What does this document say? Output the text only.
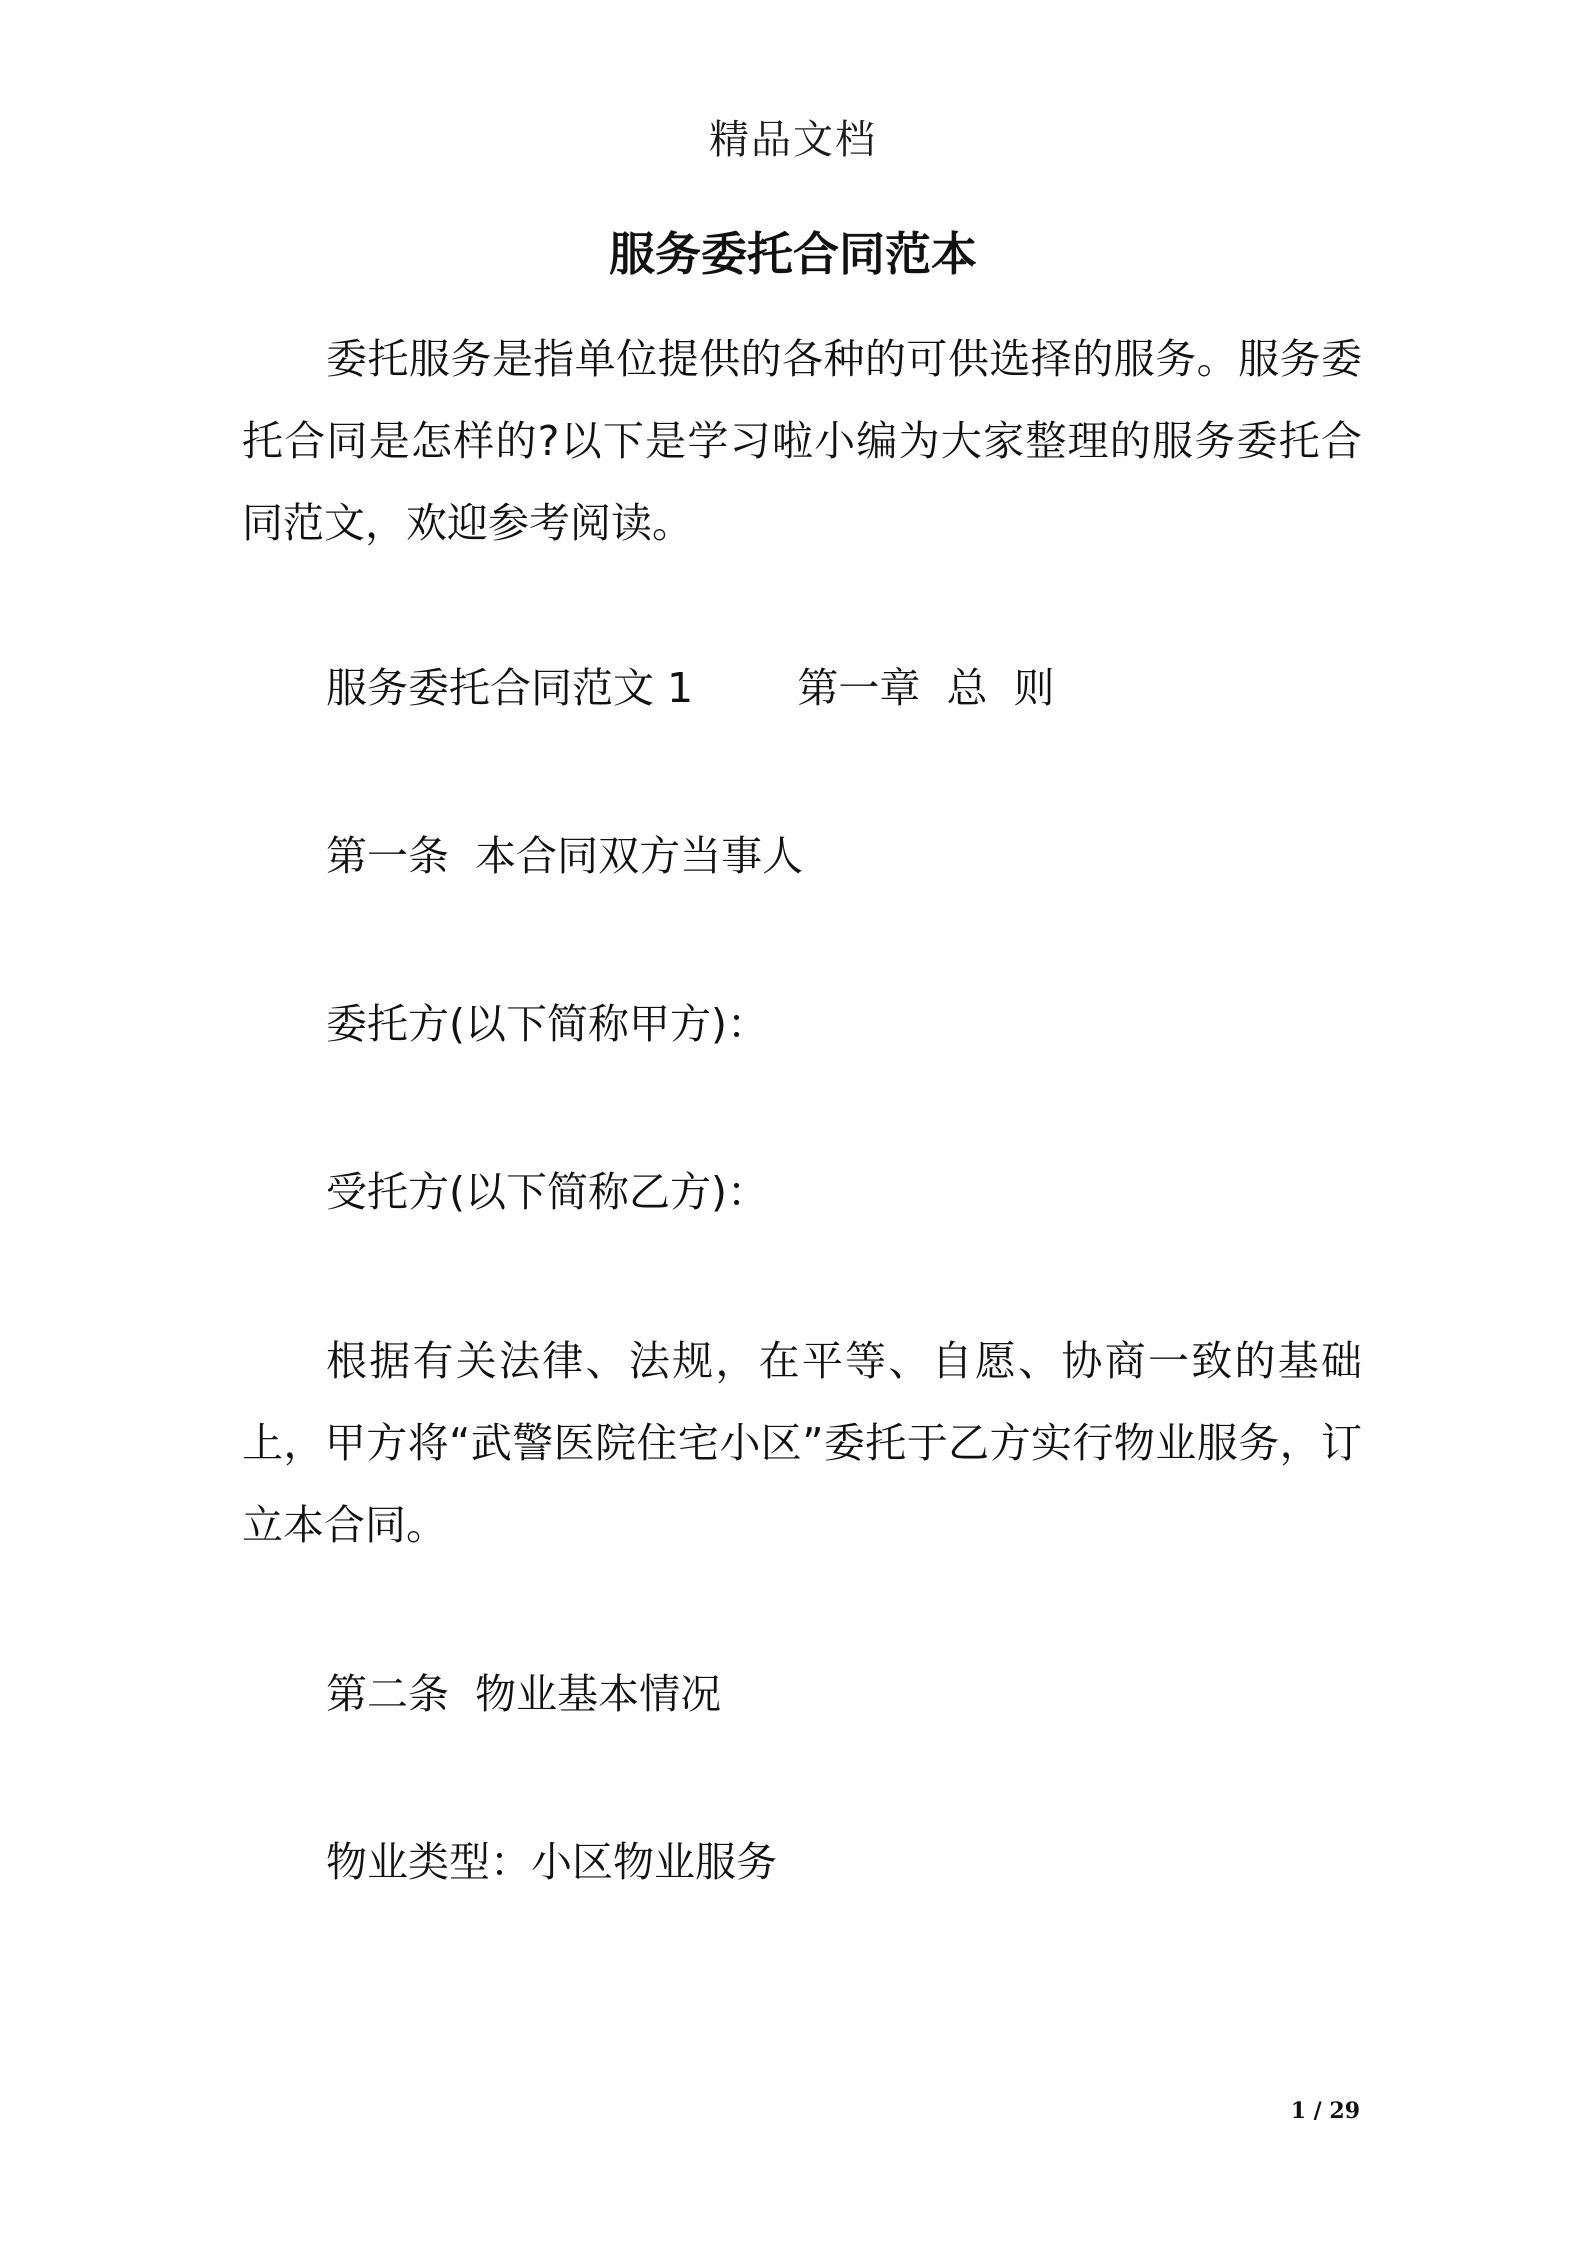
精品文档
服务委托合同范本

委托服务是指单位提供的各种的可供选择的服务。服务委托合同是怎样的?以下是学习啦小编为大家整理的服务委托合同范文，欢迎参考阅读。

服务委托合同范文 1        第一章  总  则
第一条  本合同双方当事人
委托方(以下简称甲方)：
受托方(以下简称乙方)：

根据有关法律、法规，在平等、自愿、协商一致的基础上，甲方将“武警医院住宅小区”委托于乙方实行物业服务，订立本合同。

第二条  物业基本情况
物业类型：小区物业服务
1 / 29
